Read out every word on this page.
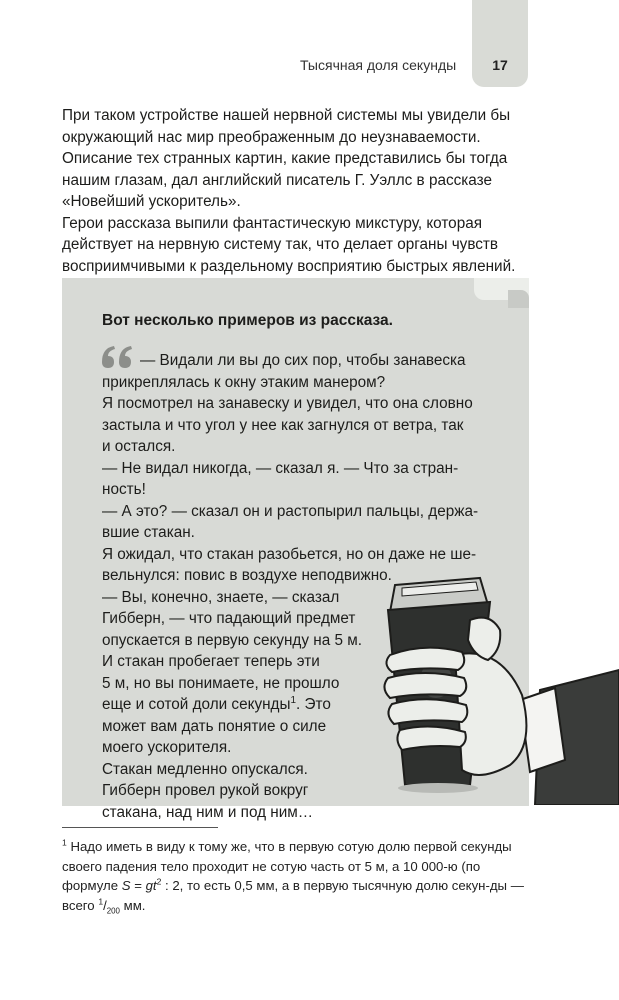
Тысячная доля секунды	17

При таком устройстве нашей нервной системы мы увидели бы окружающий нас мир преображенным до неузнаваемости. Описание тех странных картин, какие представились бы тогда нашим глазам, дал английский писатель Г. Уэллс в рассказе «Новейший ускоритель».

Герои рассказа выпили фантастическую микстуру, которая действует на нервную систему так, что делает органы чувств восприимчивыми к раздельному восприятию быстрых явлений.

Вот несколько примеров из рассказа.

— Видали ли вы до сих пор, чтобы занавеска

прикреплялась к окну этаким манером?

Я посмотрел на занавеску и увидел, что она словно

застыла и что угол у нее как загнулся от ветра, так

и остался.

— Не видал никогда, — сказал я. — Что за стран-

ность!

— А это? — сказал он и растопырил пальцы, держа-

вшие стакан.

Я ожидал, что стакан разобьется, но он даже не ше-

вельнулся: повис в воздухе неподвижно.

— Вы, конечно, знаете, — сказал

Гибберн, — что падающий предмет

опускается в первую секунду на 5 м.

И стакан пробегает теперь эти

5 м, но вы понимаете, не прошло

еще и сотой доли секунды$^1$. Это

может вам дать понятие о силе

моего ускорителя.

Стакан медленно опускался.

Гибберн провел рукой вокруг

стакана, над ним и под ним…

$^1$ Надо иметь в виду к тому же, что в первую сотую долю первой секунды своего падения тело проходит не сотую часть от 5 м, а 10 000-ю (по формуле $S = gt^2$ : 2, то есть 0,5 мм, а в первую тысячную долю секун-ды — всего $^1/_{200}$ мм.
